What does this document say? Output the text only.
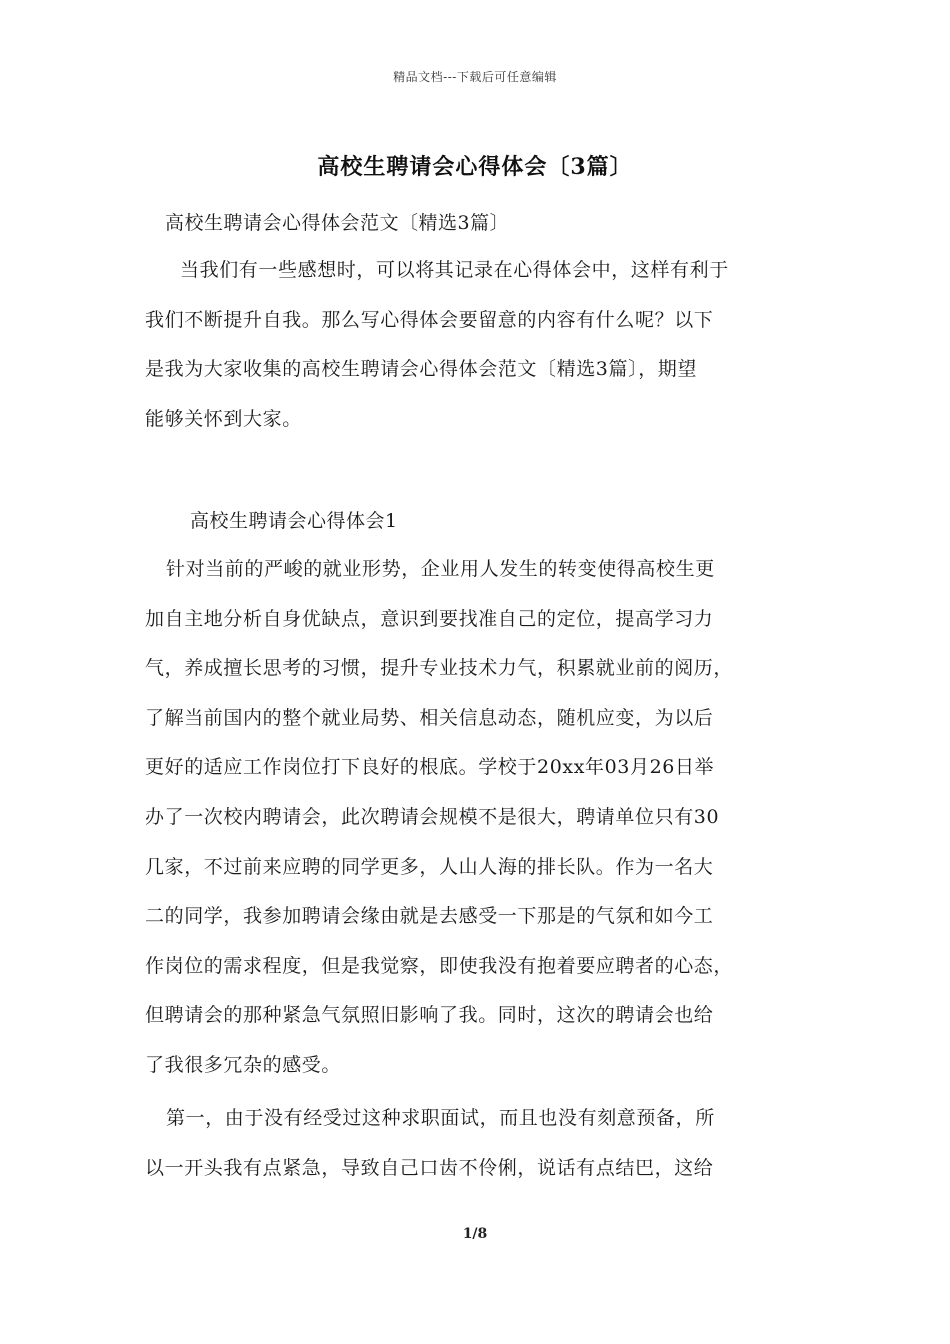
精品文档---下载后可任意编辑
高校生聘请会心得体会〔3篇〕
高校生聘请会心得体会范文〔精选3篇〕
当我们有一些感想时，可以将其记录在心得体会中，这样有利于
我们不断提升自我。那么写心得体会要留意的内容有什么呢？以下
是我为大家收集的高校生聘请会心得体会范文〔精选3篇〕，期望
能够关怀到大家。
高校生聘请会心得体会1
针对当前的严峻的就业形势，企业用人发生的转变使得高校生更
加自主地分析自身优缺点，意识到要找准自己的定位，提高学习力
气，养成擅长思考的习惯，提升专业技术力气，积累就业前的阅历，
了解当前国内的整个就业局势、相关信息动态，随机应变，为以后
更好的适应工作岗位打下良好的根底。学校于20xx年03月26日举
办了一次校内聘请会，此次聘请会规模不是很大，聘请单位只有30
几家，不过前来应聘的同学更多，人山人海的排长队。作为一名大
二的同学，我参加聘请会缘由就是去感受一下那是的气氛和如今工
作岗位的需求程度，但是我觉察，即使我没有抱着要应聘者的心态，
但聘请会的那种紧急气氛照旧影响了我。同时，这次的聘请会也给
了我很多冗杂的感受。
第一，由于没有经受过这种求职面试，而且也没有刻意预备，所
以一开头我有点紧急，导致自己口齿不伶俐，说话有点结巴，这给
1/8
